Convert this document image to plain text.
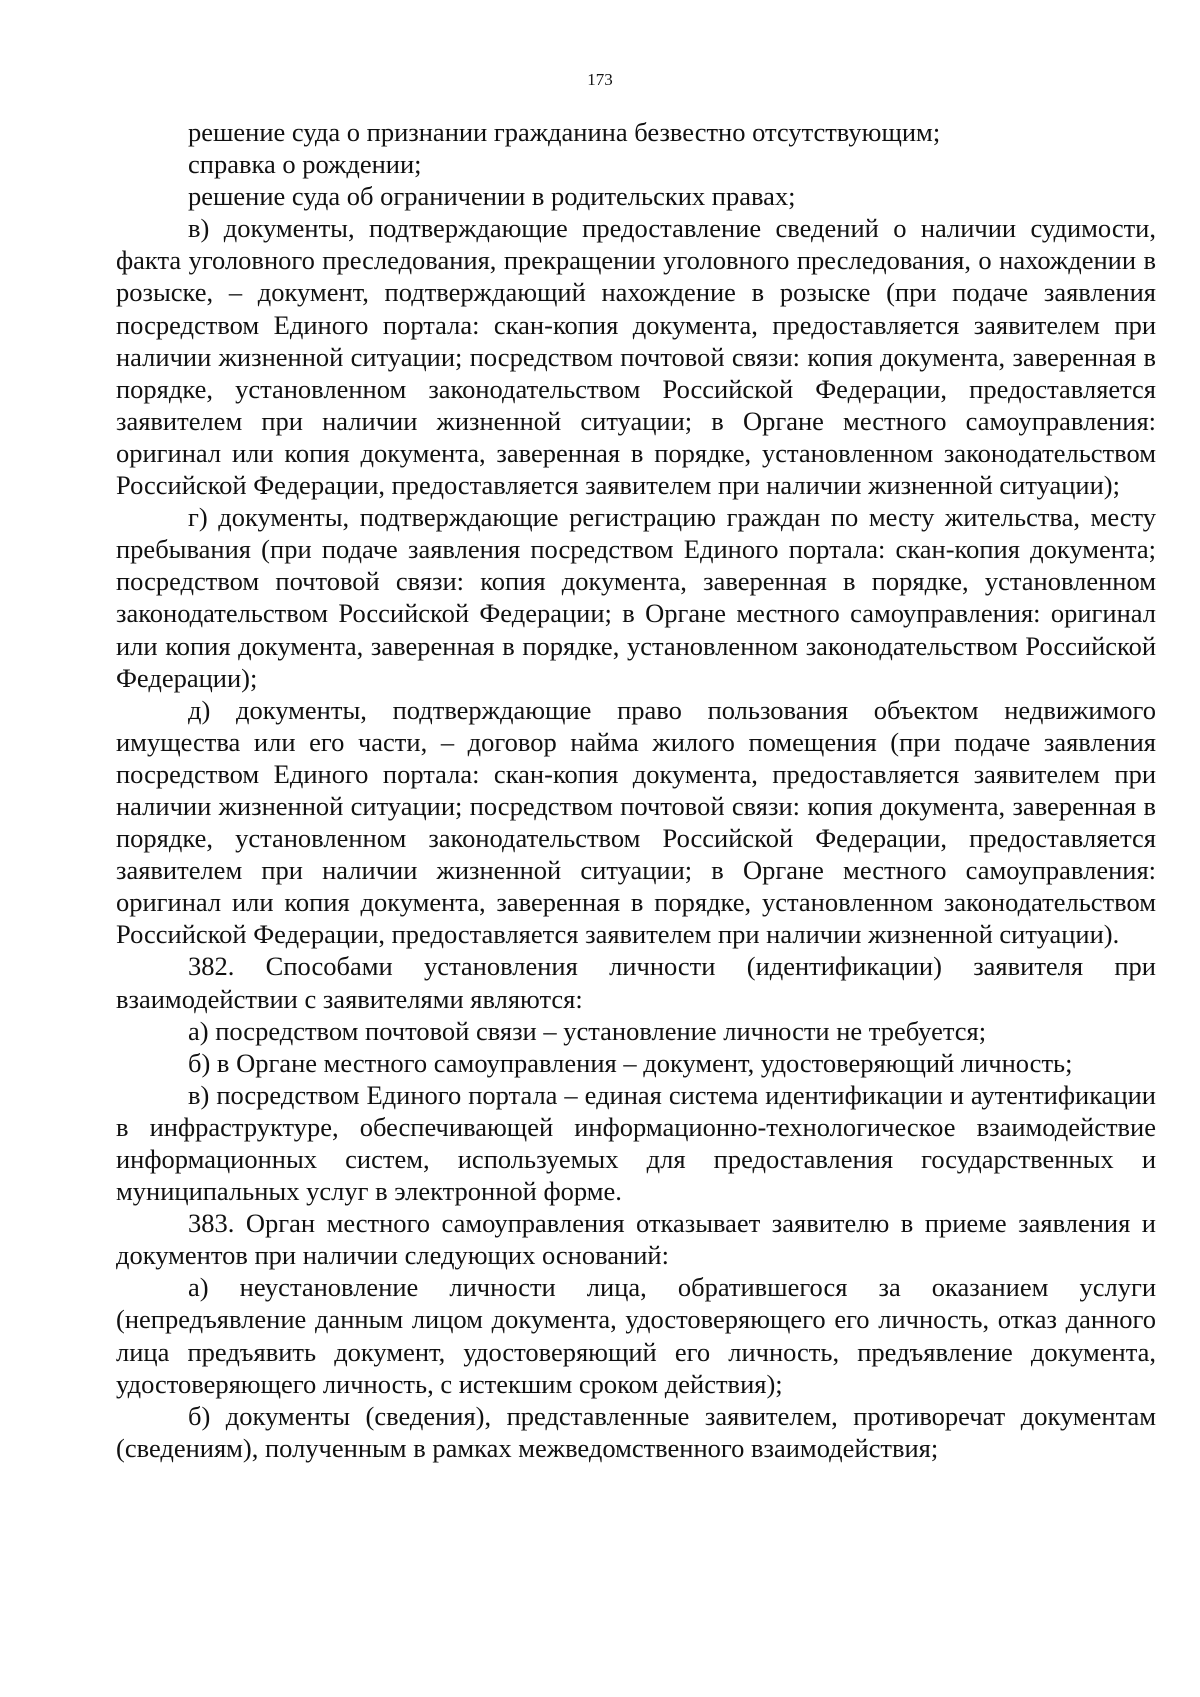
173

решение суда о признании гражданина безвестно отсутствующим;

справка о рождении;

решение суда об ограничении в родительских правах;

в) документы, подтверждающие предоставление сведений о наличии судимости, факта уголовного преследования, прекращении уголовного преследования, о нахождении в розыске, – документ, подтверждающий нахождение в розыске (при подаче заявления посредством Единого портала: скан-копия документа, предоставляется заявителем при наличии жизненной ситуации; посредством почтовой связи: копия документа, заверенная в порядке, установленном законодательством Российской Федерации, предоставляется заявителем при наличии жизненной ситуации; в Органе местного самоуправления: оригинал или копия документа, заверенная в порядке, установленном законодательством Российской Федерации, предоставляется заявителем при наличии жизненной ситуации);

г) документы, подтверждающие регистрацию граждан по месту жительства, месту пребывания (при подаче заявления посредством Единого портала: скан-копия документа; посредством почтовой связи: копия документа, заверенная в порядке, установленном законодательством Российской Федерации; в Органе местного самоуправления: оригинал или копия документа, заверенная в порядке, установленном законодательством Российской Федерации);

д) документы, подтверждающие право пользования объектом недвижимого имущества или его части, – договор найма жилого помещения (при подаче заявления посредством Единого портала: скан-копия документа, предоставляется заявителем при наличии жизненной ситуации; посредством почтовой связи: копия документа, заверенная в порядке, установленном законодательством Российской Федерации, предоставляется заявителем при наличии жизненной ситуации; в Органе местного самоуправления: оригинал или копия документа, заверенная в порядке, установленном законодательством Российской Федерации, предоставляется заявителем при наличии жизненной ситуации).

382. Способами установления личности (идентификации) заявителя при взаимодействии с заявителями являются:

а) посредством почтовой связи – установление личности не требуется;

б) в Органе местного самоуправления – документ, удостоверяющий личность;

в) посредством Единого портала – единая система идентификации и аутентификации в инфраструктуре, обеспечивающей информационно-технологическое взаимодействие информационных систем, используемых для предоставления государственных и муниципальных услуг в электронной форме.

383. Орган местного самоуправления отказывает заявителю в приеме заявления и документов при наличии следующих оснований:

а) неустановление личности лица, обратившегося за оказанием услуги (непредъявление данным лицом документа, удостоверяющего его личность, отказ данного лица предъявить документ, удостоверяющий его личность, предъявление документа, удостоверяющего личность, с истекшим сроком действия);

б) документы (сведения), представленные заявителем, противоречат документам (сведениям), полученным в рамках межведомственного взаимодействия;
